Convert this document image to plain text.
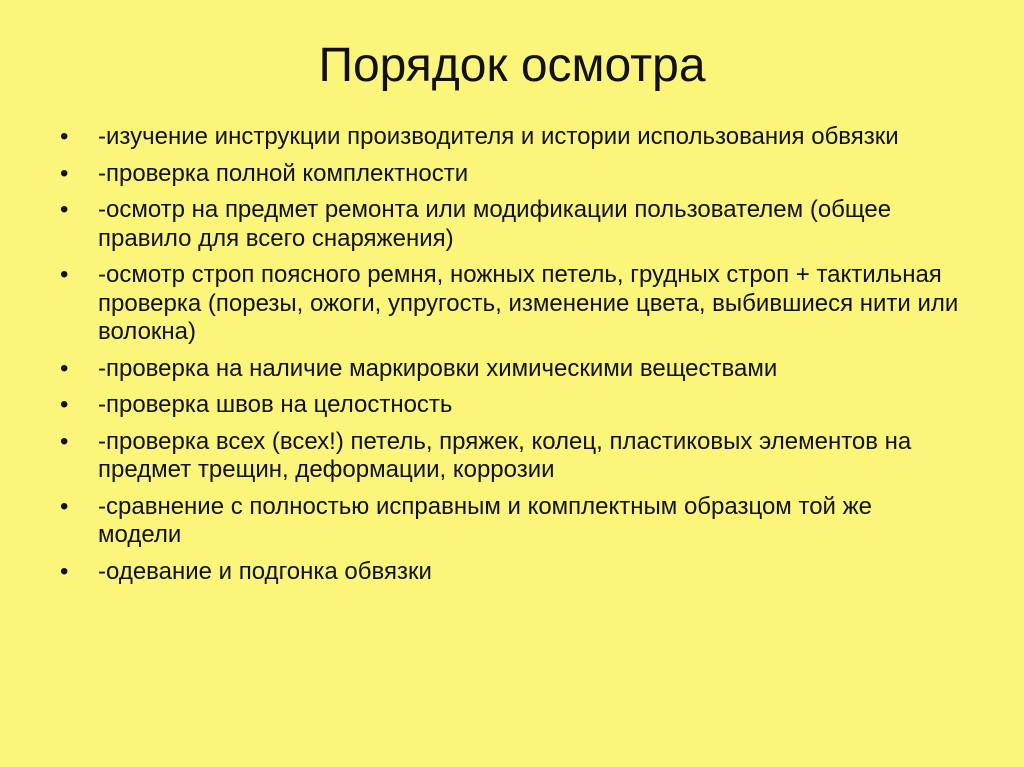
Порядок осмотра
•	-изучение инструкции производителя и истории использования обвязки
•	-проверка полной комплектности
•	-осмотр на предмет ремонта или модификации пользователем (общее правило для всего снаряжения)
•	-осмотр строп поясного ремня, ножных петель, грудных строп + тактильная проверка (порезы, ожоги, упругость, изменение цвета, выбившиеся нити или волокна)
•	-проверка на наличие маркировки химическими веществами
•	-проверка швов на целостность
•	-проверка всех (всех!) петель, пряжек, колец, пластиковых элементов на предмет трещин, деформации, коррозии
•	-сравнение с полностью исправным и комплектным образцом той же модели
•	-одевание и подгонка обвязки
